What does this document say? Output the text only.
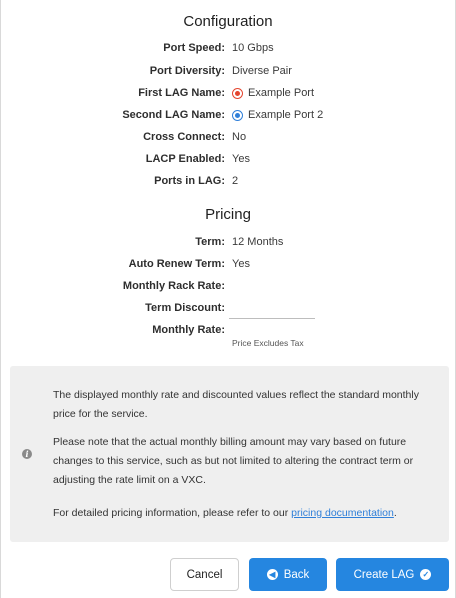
Configuration
Port Speed: 10 Gbps
Port Diversity: Diverse Pair
First LAG Name: Example Port
Second LAG Name: Example Port 2
Cross Connect: No
LACP Enabled: Yes
Ports in LAG: 2
Pricing
Term: 12 Months
Auto Renew Term: Yes
Monthly Rack Rate:
Term Discount:
Monthly Rate:
Price Excludes Tax
i

The displayed monthly rate and discounted values reflect the standard monthly price for the service.

Please note that the actual monthly billing amount may vary based on future changes to this service, such as but not limited to altering the contract term or adjusting the rate limit on a VXC.

For detailed pricing information, please refer to our pricing documentation.

Cancel	◀ Back	Create LAG ✓
